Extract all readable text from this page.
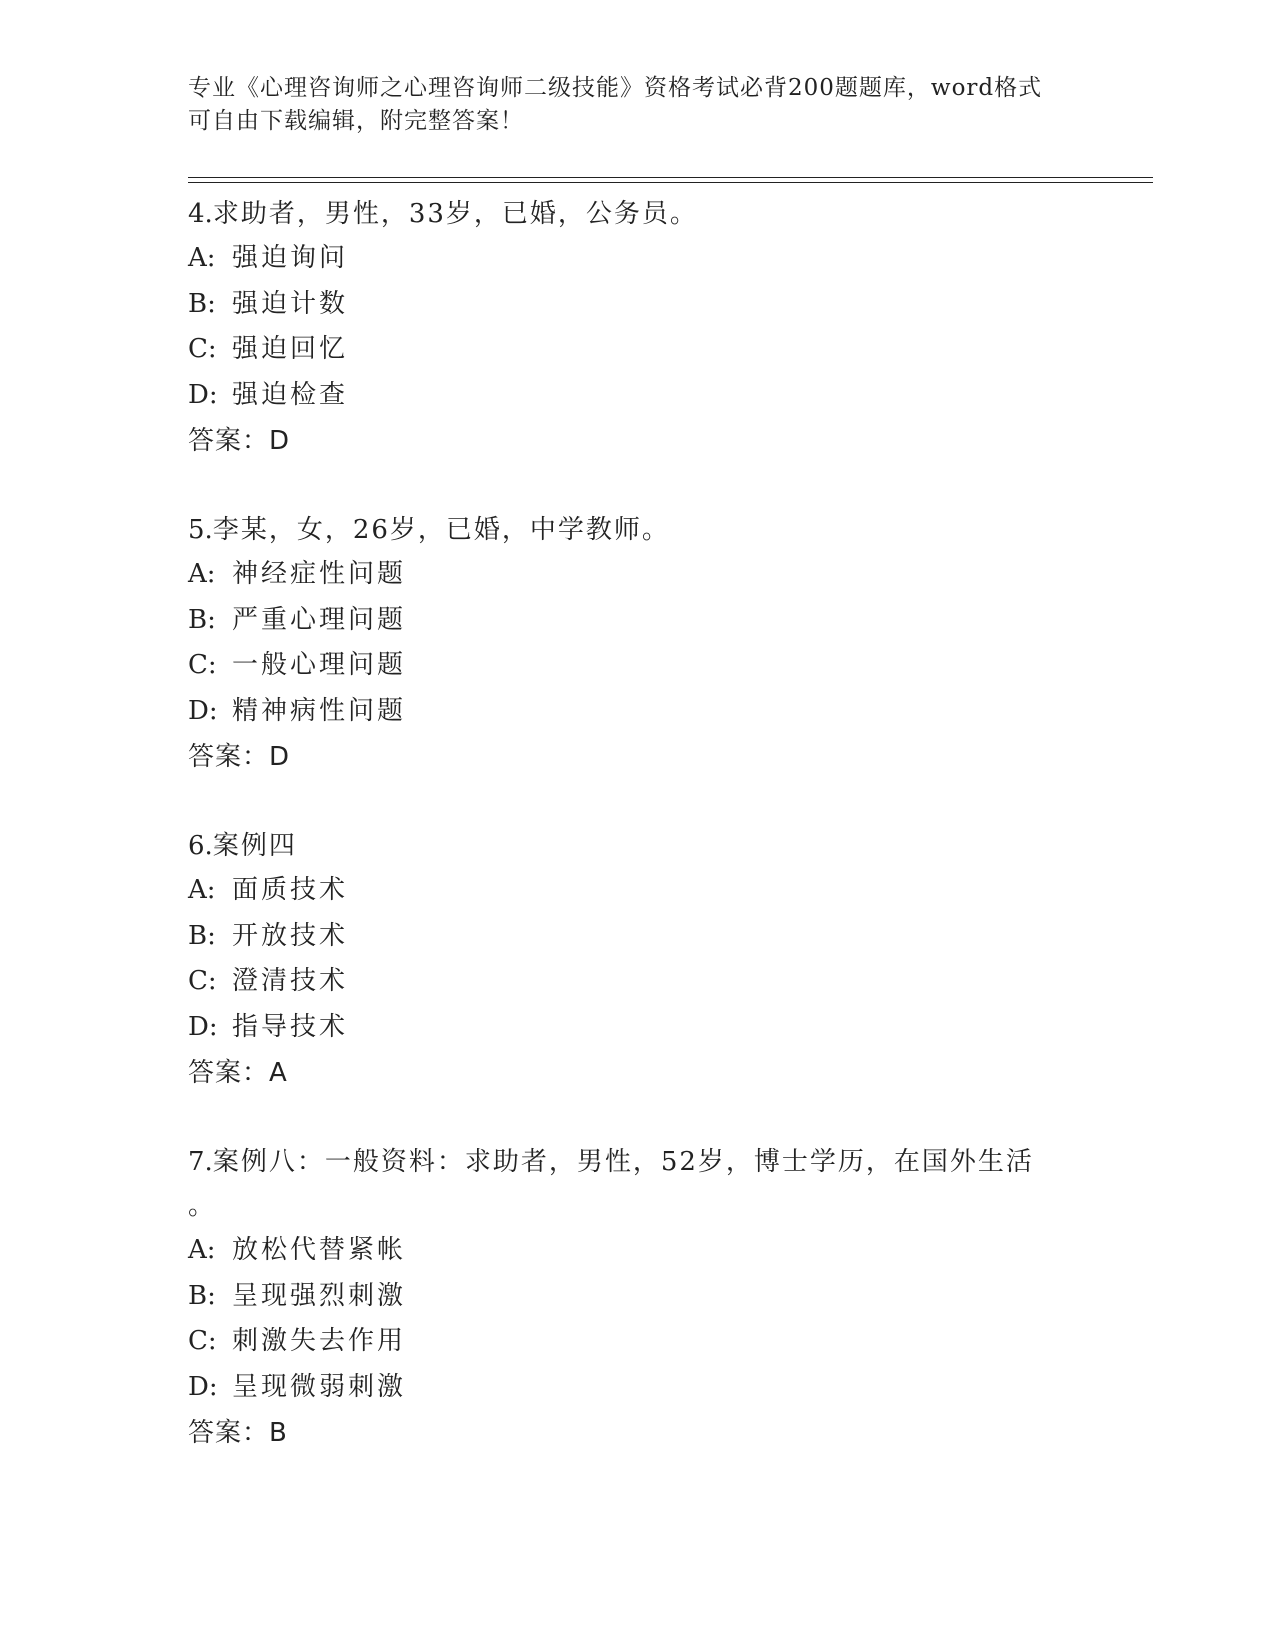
专业《心理咨询师之心理咨询师二级技能》资格考试必背200题题库，word格式
可自由下载编辑，附完整答案！

4.求助者，男性，33岁，已婚，公务员。

A: 强迫询问

B: 强迫计数

C: 强迫回忆

D: 强迫检查

答案：D

5.李某，女，26岁，已婚，中学教师。

A: 神经症性问题

B: 严重心理问题

C: 一般心理问题

D: 精神病性问题

答案：D

6.案例四

A: 面质技术

B: 开放技术

C: 澄清技术

D: 指导技术

答案：A

7.案例八：一般资料：求助者，男性，52岁，博士学历，在国外生活

。

A: 放松代替紧帐

B: 呈现强烈刺激

C: 刺激失去作用

D: 呈现微弱刺激

答案：B
